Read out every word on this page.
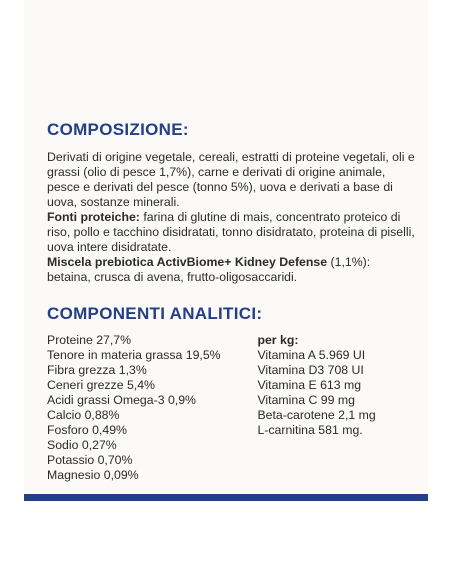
COMPOSIZIONE:

Derivati di origine vegetale, cereali, estratti di proteine vegetali, oli e grassi (olio di pesce 1,7%), carne e derivati di origine animale, pesce e derivati del pesce (tonno 5%), uova e derivati a base di uova, sostanze minerali.
Fonti proteiche: farina di glutine di mais, concentrato proteico di riso, pollo e tacchino disidratati, tonno disidratato, proteina di piselli, uova intere disidratate.
Miscela prebiotica ActivBiome+ Kidney Defense (1,1%): betaina, crusca di avena, frutto-oligosaccaridi.

COMPONENTI ANALITICI:
Proteine 27,7%
Tenore in materia grassa 19,5%
Fibra grezza 1,3%
Ceneri grezze 5,4%
Acidi grassi Omega-3 0,9%
Calcio 0,88%
Fosforo 0,49%
Sodio 0,27%
Potassio 0,70%
Magnesio 0,09%
per kg:
Vitamina A 5.969 UI
Vitamina D3 708 UI
Vitamina E 613 mg
Vitamina C 99 mg
Beta-carotene 2,1 mg
L-carnitina 581 mg.
